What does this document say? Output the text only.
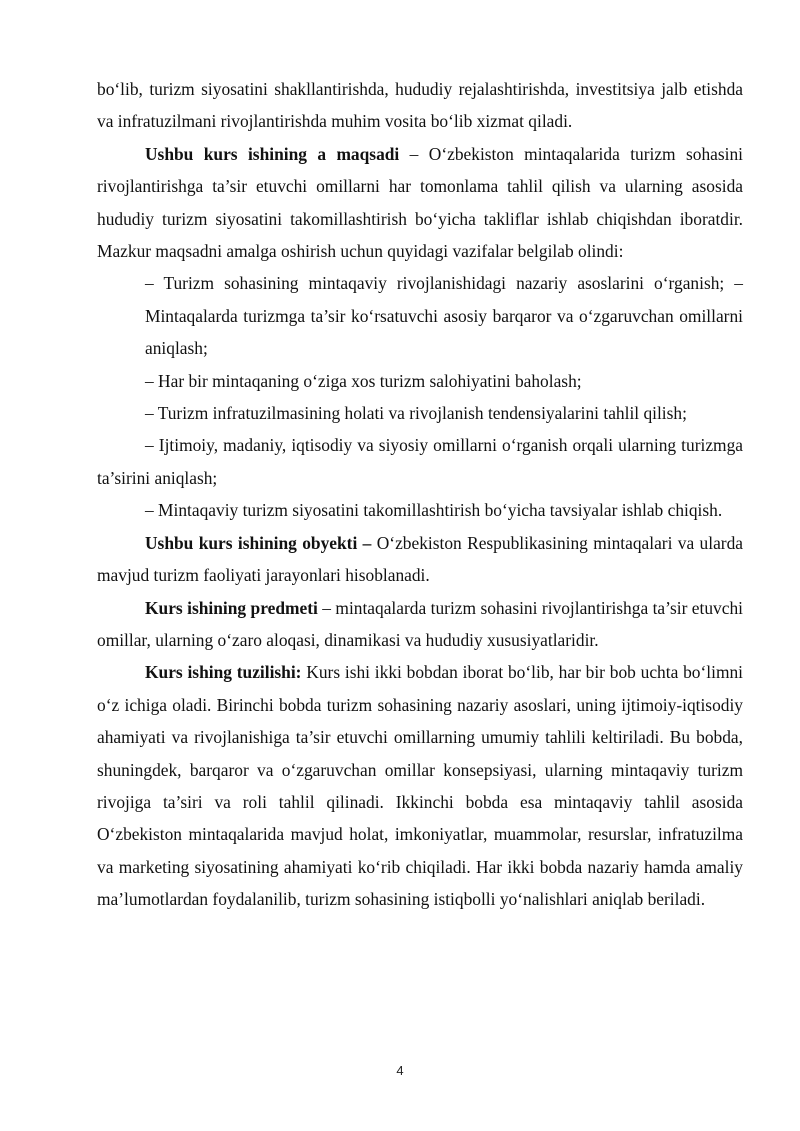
bo‘lib, turizm siyosatini shakllantirishda, hududiy rejalashtirishda, investitsiya jalb etishda va infratuzilmani rivojlantirishda muhim vosita bo‘lib xizmat qiladi.

Ushbu kurs ishining a maqsadi – O‘zbekiston mintaqalarida turizm sohasini rivojlantirishga ta’sir etuvchi omillarni har tomonlama tahlil qilish va ularning asosida hududiy turizm siyosatini takomillashtirish bo‘yicha takliflar ishlab chiqishdan iboratdir. Mazkur maqsadni amalga oshirish uchun quyidagi vazifalar belgilab olindi:

– Turizm sohasining mintaqaviy rivojlanishidagi nazariy asoslarini o‘rganish; – Mintaqalarda turizmga ta’sir ko‘rsatuvchi asosiy barqaror va o‘zgaruvchan omillarni aniqlash;

– Har bir mintaqaning o‘ziga xos turizm salohiyatini baholash;

– Turizm infratuzilmasining holati va rivojlanish tendensiyalarini tahlil qilish;

– Ijtimoiy, madaniy, iqtisodiy va siyosiy omillarni o‘rganish orqali ularning turizmga ta’sirini aniqlash;

– Mintaqaviy turizm siyosatini takomillashtirish bo‘yicha tavsiyalar ishlab chiqish.

Ushbu kurs ishining obyekti – O‘zbekiston Respublikasining mintaqalari va ularda mavjud turizm faoliyati jarayonlari hisoblanadi.

Kurs ishining predmeti – mintaqalarda turizm sohasini rivojlantirishga ta’sir etuvchi omillar, ularning o‘zaro aloqasi, dinamikasi va hududiy xususiyatlaridir.

Kurs ishing tuzilishi: Kurs ishi ikki bobdan iborat bo‘lib, har bir bob uchta bo‘limni o‘z ichiga oladi. Birinchi bobda turizm sohasining nazariy asoslari, uning ijtimoiy-iqtisodiy ahamiyati va rivojlanishiga ta’sir etuvchi omillarning umumiy tahlili keltiriladi. Bu bobda, shuningdek, barqaror va o‘zgaruvchan omillar konsepsiyasi, ularning mintaqaviy turizm rivojiga ta’siri va roli tahlil qilinadi. Ikkinchi bobda esa mintaqaviy tahlil asosida O‘zbekiston mintaqalarida mavjud holat, imkoniyatlar, muammolar, resurslar, infratuzilma va marketing siyosatining ahamiyati ko‘rib chiqiladi. Har ikki bobda nazariy hamda amaliy ma’lumotlardan foydalanilib, turizm sohasining istiqbolli yo‘nalishlari aniqlab beriladi.

4
